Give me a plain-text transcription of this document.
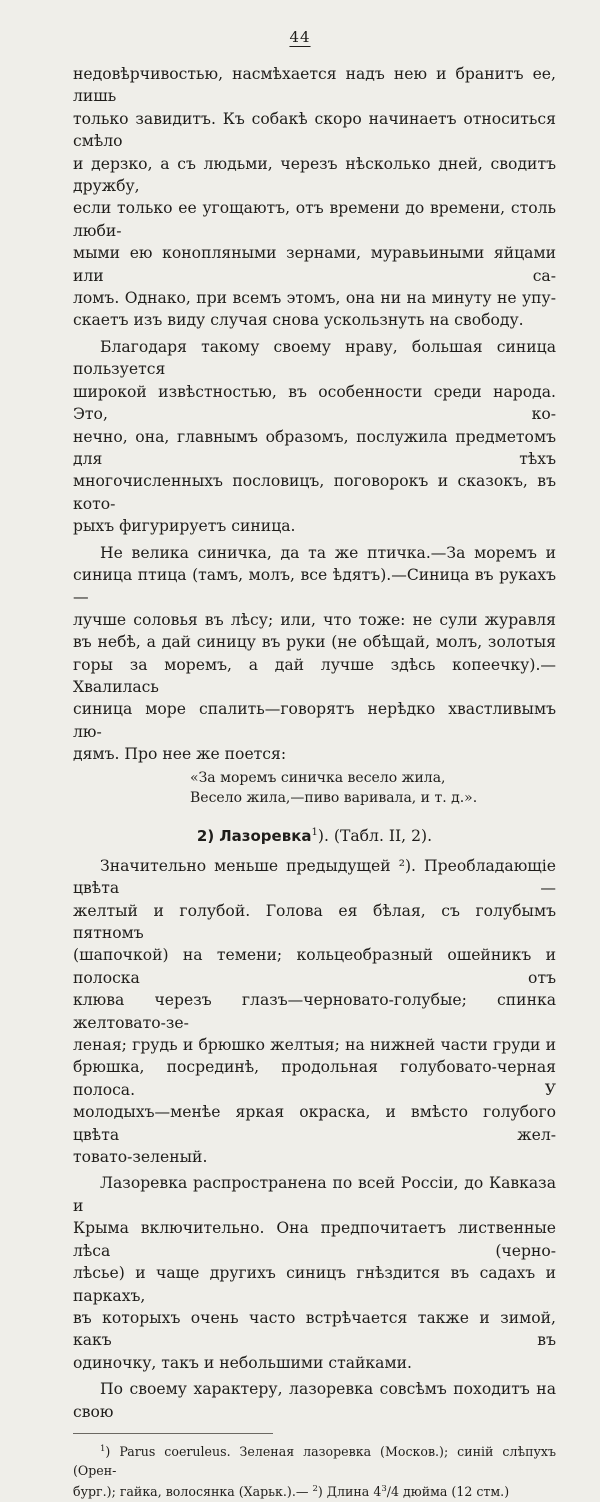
44

недовѣрчивостью, насмѣхается надъ нею и бранитъ ее, лишь

только завидитъ. Къ собакѣ скоро начинаетъ относиться смѣло

и дерзко, а съ людьми, черезъ нѣсколько дней, сводитъ дружбу,

если только ее угощаютъ, отъ времени до времени, столь люби-

мыми ею конопляными зернами, муравьиными яйцами или са-

ломъ. Однако, при всемъ этомъ, она ни на минуту не упу-

скаетъ изъ виду случая снова ускользнуть на свободу.

Благодаря такому своему нраву, большая синица пользуется

широкой извѣстностью, въ особенности среди народа. Это, ко-

нечно, она, главнымъ образомъ, послужила предметомъ для тѣхъ

многочисленныхъ пословицъ, поговорокъ и сказокъ, въ кото-

рыхъ фигурируетъ синица.

Не велика синичка, да та же птичка.—За моремъ и

синица птица (тамъ, молъ, все ѣдятъ).—Синица въ рукахъ—

лучше соловья въ лѣсу; или, что тоже: не сули журавля

въ небѣ, а дай синицу въ руки (не обѣщай, молъ, золотыя

горы за моремъ, а дай лучше здѣсь копеечку).—Хвалилась

синица море спалить—говорятъ нерѣдко хвастливымъ лю-

дямъ. Про нее же поется:

«За моремъ синичка весело жила,
Весело жила,—пиво варивала, и т. д.».
2) Лазоревка$^1$). (Табл. II, 2).

Значительно меньше предыдущей ²). Преобладающіе цвѣта —

желтый и голубой. Голова ея бѣлая, съ голубымъ пятномъ

(шапочкой) на темени; кольцеобразный ошейникъ и полоска отъ

клюва черезъ глазъ—черновато-голубые; спинка желтовато-зе-

леная; грудь и брюшко желтыя; на нижней части груди и

брюшка, посрединѣ, продольная голубовато-черная полоса. У

молодыхъ—менѣе яркая окраска, и вмѣсто голубого цвѣта жел-

товато-зеленый.

Лазоревка распространена по всей Россіи, до Кавказа и

Крыма включительно. Она предпочитаетъ лиственные лѣса (черно-

лѣсье) и чаще другихъ синицъ гнѣздится въ садахъ и паркахъ,

въ которыхъ очень часто встрѣчается также и зимой, какъ въ

одиночку, такъ и небольшими стайками.

По своему характеру, лазоревка совсѣмъ походитъ на свою

$^1$) Parus coeruleus. Зеленая лазоревка (Москов.); синій слѣпухъ (Орен-

бург.); гайка, волосянка (Харьк.).— $^2$) Длина $4^3/4$ дюйма (12 стм.)
